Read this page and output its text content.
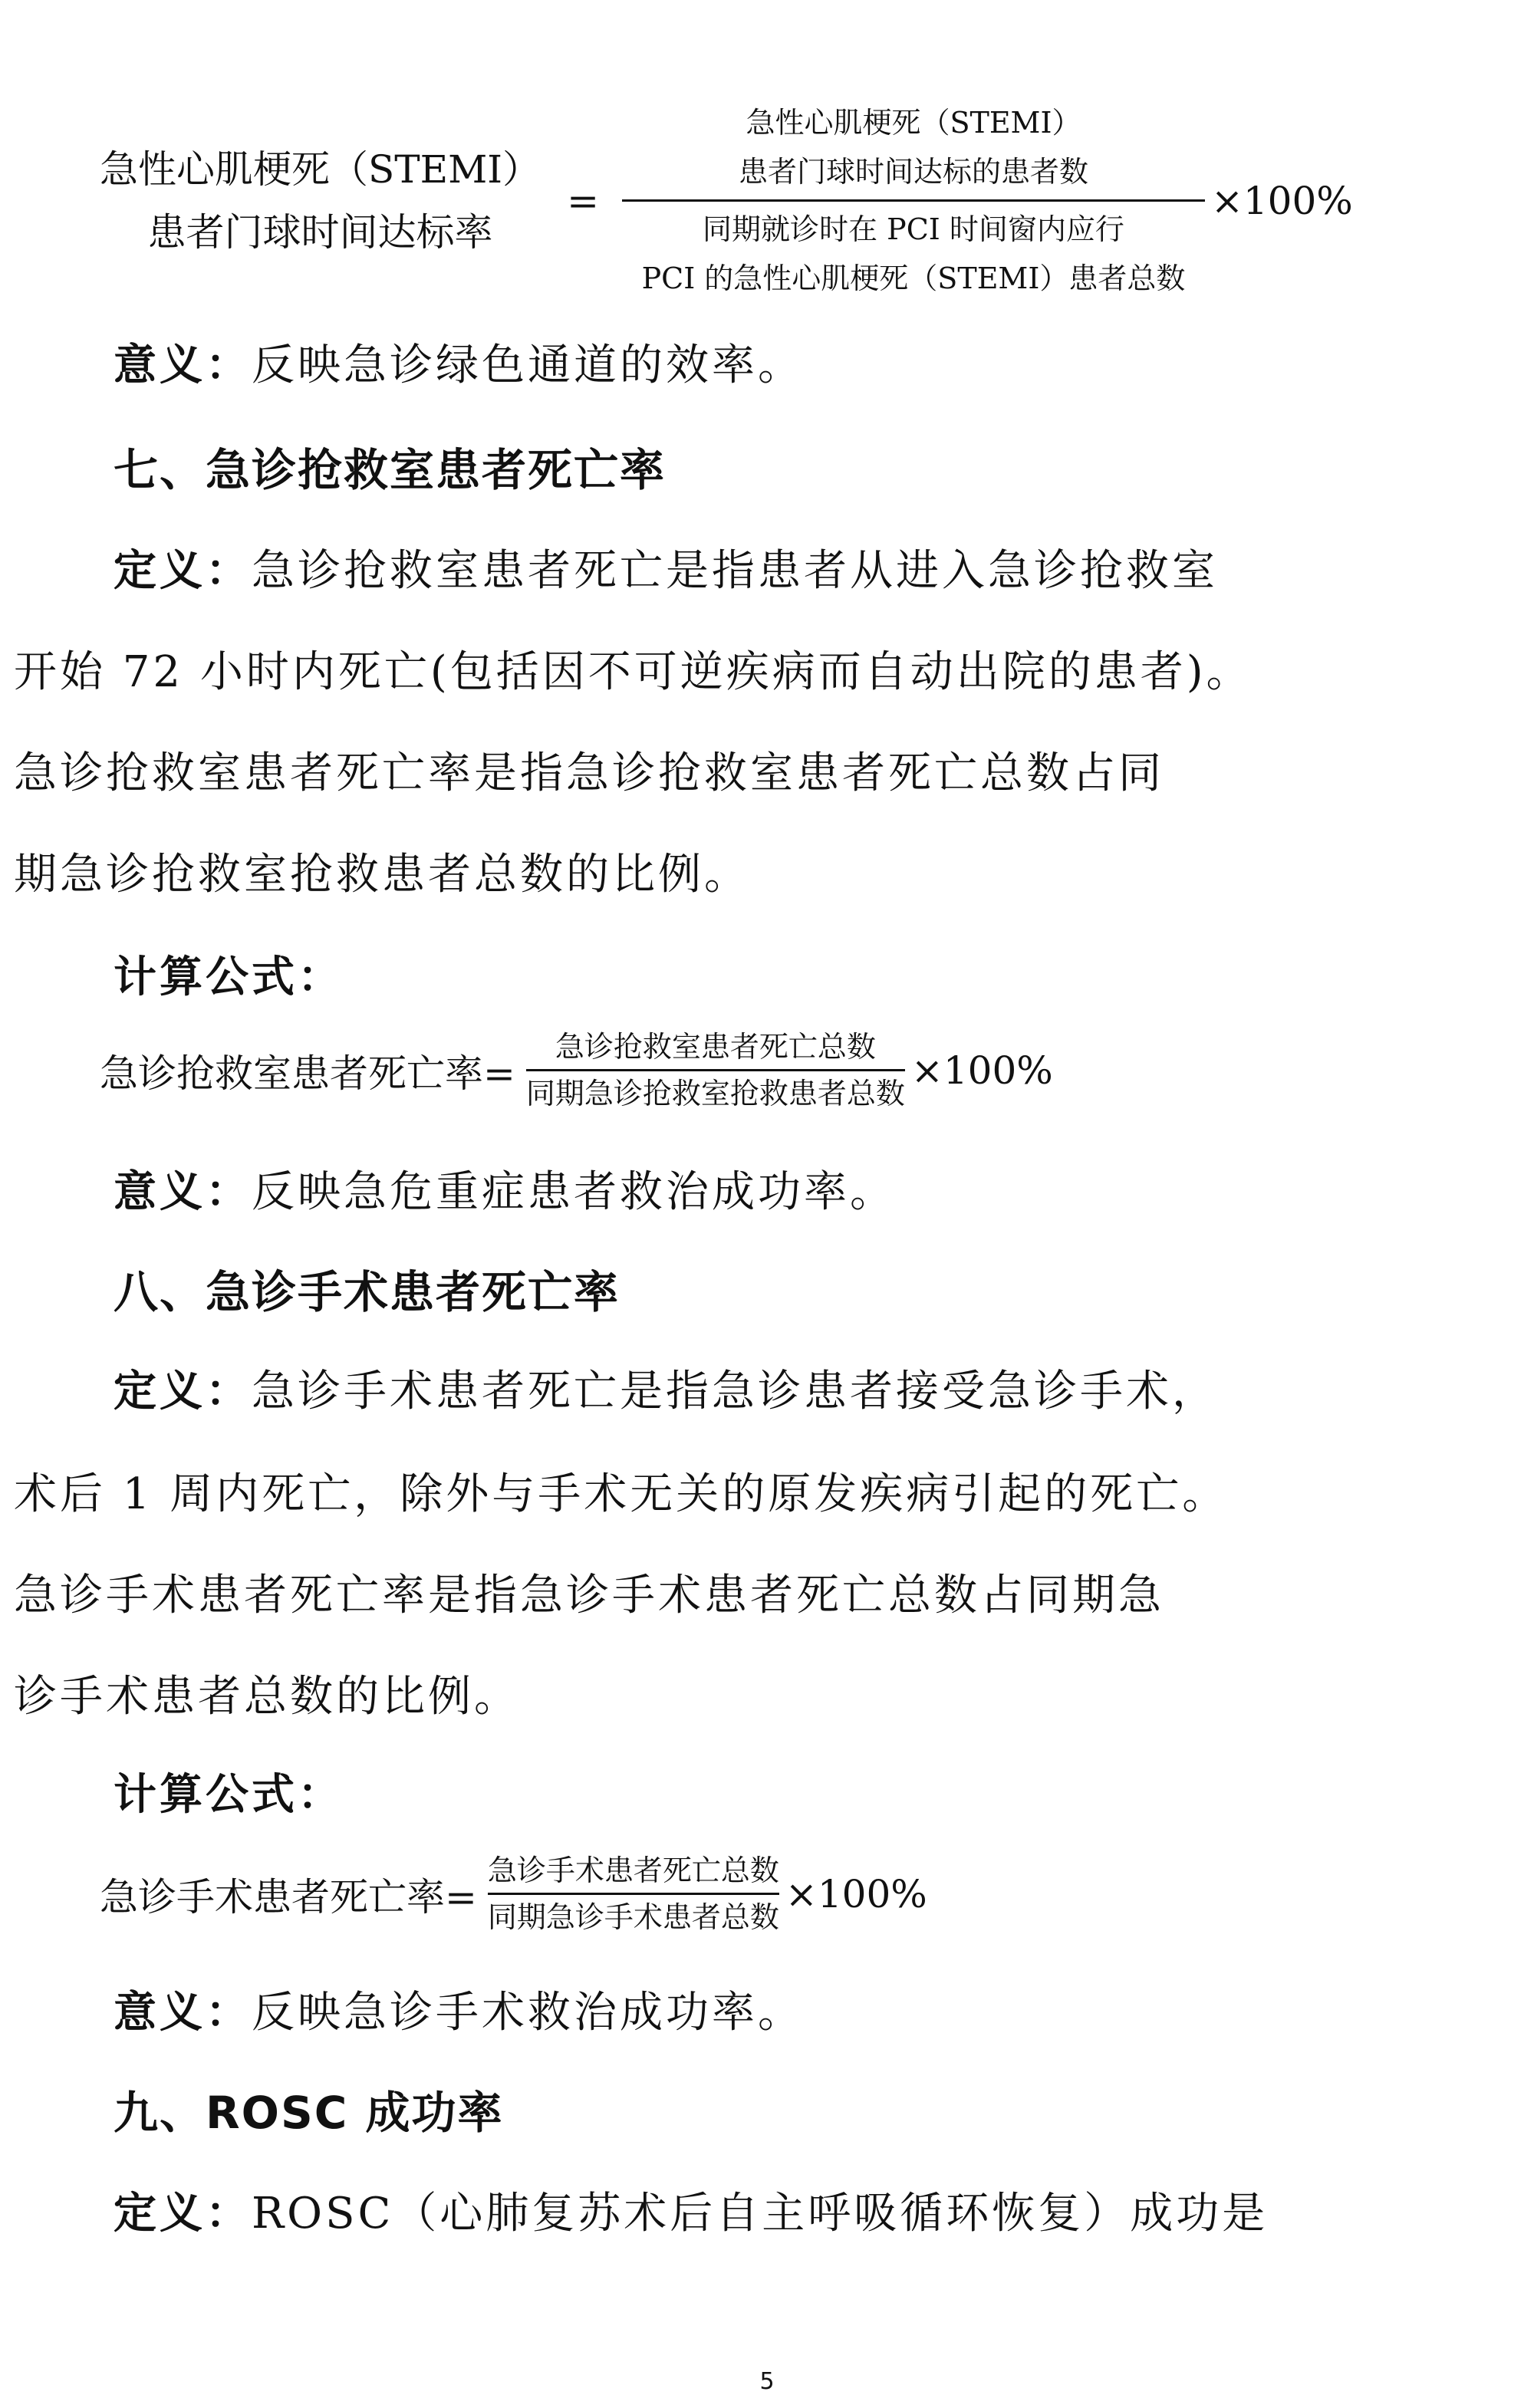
急性心肌梗死（STEMI）
患者门球时间达标率
= 急性心肌梗死（STEMI）
患者门球时间达标的患者数
同期就诊时在 PCI 时间窗内应行
PCI 的急性心肌梗死（STEMI）患者总数 ×100%
意义：反映急诊绿色通道的效率。
七、急诊抢救室患者死亡率
定义：急诊抢救室患者死亡是指患者从进入急诊抢救室
开始 72 小时内死亡(包括因不可逆疾病而自动出院的患者)。
急诊抢救室患者死亡率是指急诊抢救室患者死亡总数占同
期急诊抢救室抢救患者总数的比例。
计算公式：
急诊抢救室患者死亡率= $\frac{\text{急诊抢救室患者死亡总数}}{\text{同期急诊抢救室抢救患者总数}} \times 100\%$
意义：反映急危重症患者救治成功率。
八、急诊手术患者死亡率
定义：急诊手术患者死亡是指急诊患者接受急诊手术，
术后 1 周内死亡，除外与手术无关的原发疾病引起的死亡。
急诊手术患者死亡率是指急诊手术患者死亡总数占同期急
诊手术患者总数的比例。
计算公式：
急诊手术患者死亡率= $\frac{\text{急诊手术患者死亡总数}}{\text{同期急诊手术患者总数}} \times 100\%$
意义：反映急诊手术救治成功率。
九、ROSC 成功率
定义：ROSC（心肺复苏术后自主呼吸循环恢复）成功是
5
